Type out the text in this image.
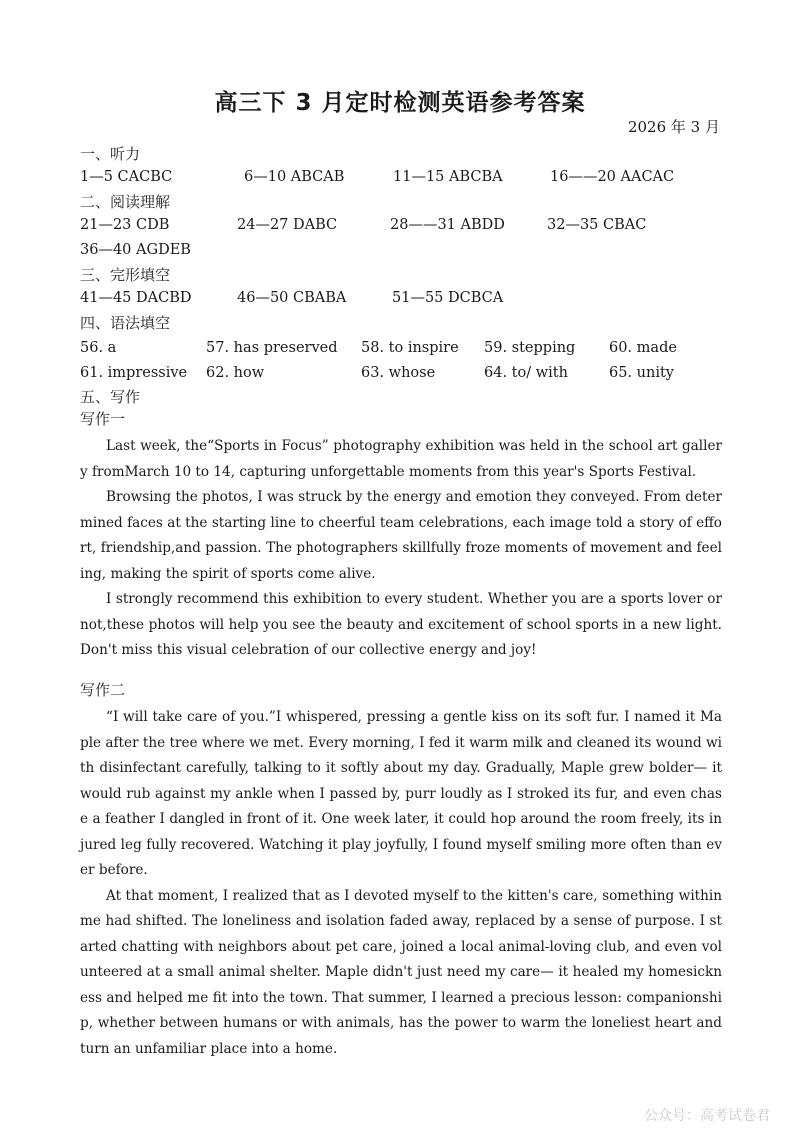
高三下 3 月定时检测英语参考答案
2026 年 3 月
一、听力
1—5 CACBC	6—10 ABCAB	11—15 ABCBA	16——20 AACAC
二、阅读理解
21—23 CDB	24—27 DABC	28——31 ABDD	32—35 CBAC
36—40 AGDEB
三、完形填空
41—45 DACBD	46—50 CBABA	51—55 DCBCA
四、语法填空
56. a	57. has preserved 58. to inspire 59. stepping 60. made
61. impressive 62. how	63. whose	64. to/ with	65. unity
五、写作
写作一

Last week, the“Sports in Focus” photography exhibition was held in the school art gallery fromMarch 10 to 14, capturing unforgettable moments from this year's Sports Festival.

Browsing the photos, I was struck by the energy and emotion they conveyed. From determined faces at the starting line to cheerful team celebrations, each image told a story of effort, friendship,and passion. The photographers skillfully froze moments of movement and feeling, making the spirit of sports come alive.

I strongly recommend this exhibition to every student. Whether you are a sports lover or not,these photos will help you see the beauty and excitement of school sports in a new light. Don't miss this visual celebration of our collective energy and joy!

写作二

“I will take care of you.”I whispered, pressing a gentle kiss on its soft fur. I named it Maple after the tree where we met. Every morning, I fed it warm milk and cleaned its wound with disinfectant carefully, talking to it softly about my day. Gradually, Maple grew bolder— it would rub against my ankle when I passed by, purr loudly as I stroked its fur, and even chase a feather I dangled in front of it. One week later, it could hop around the room freely, its injured leg fully recovered. Watching it play joyfully, I found myself smiling more often than ever before.

At that moment, I realized that as I devoted myself to the kitten's care, something within me had shifted. The loneliness and isolation faded away, replaced by a sense of purpose. I started chatting with neighbors about pet care, joined a local animal-loving club, and even volunteered at a small animal shelter. Maple didn't just need my care— it healed my homesickness and helped me fit into the town. That summer, I learned a precious lesson: companionship, whether between humans or with animals, has the power to warm the loneliest heart and turn an unfamiliar place into a home.

公众号：高考试卷君
